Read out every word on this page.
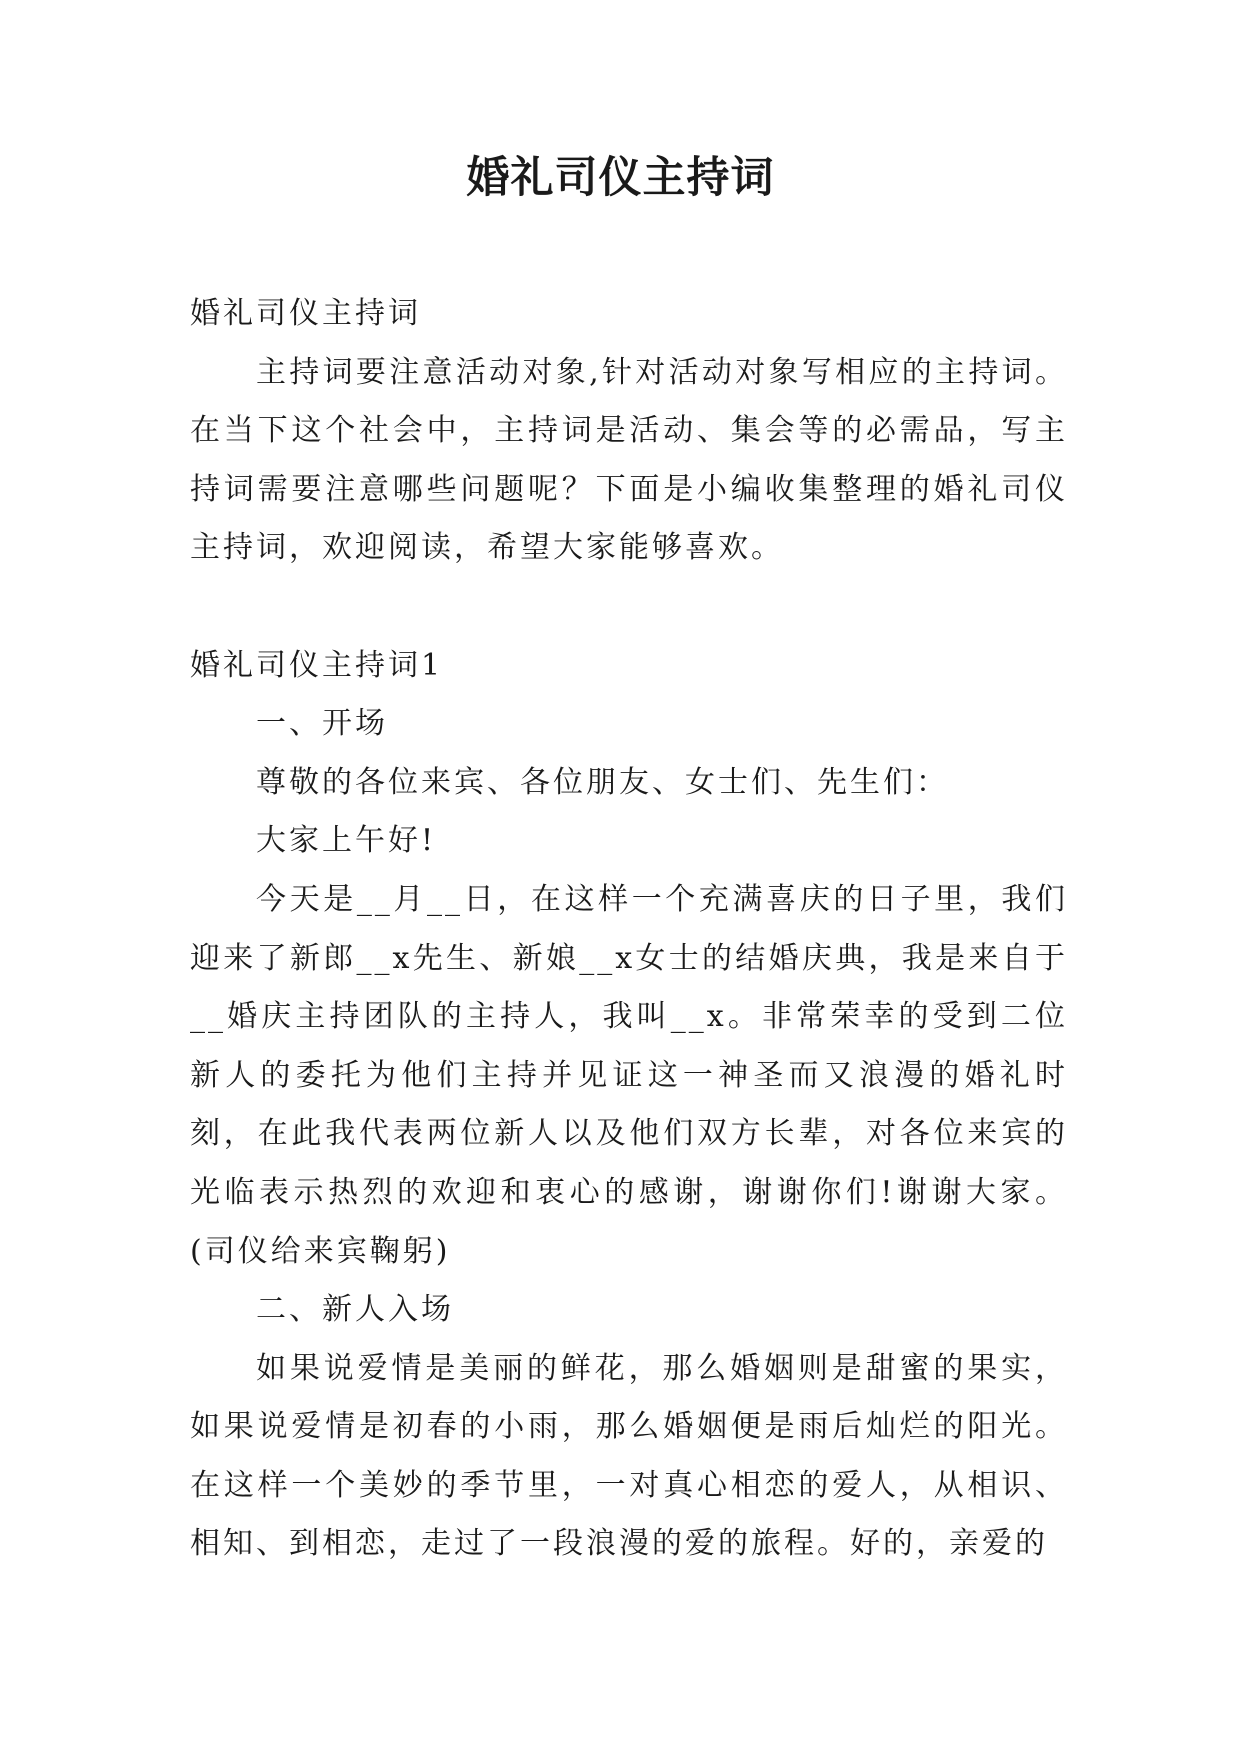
婚礼司仪主持词

婚礼司仪主持词

主持词要注意活动对象,针对活动对象写相应的主持词。在当下这个社会中，主持词是活动、集会等的必需品，写主持词需要注意哪些问题呢？下面是小编收集整理的婚礼司仪主持词，欢迎阅读，希望大家能够喜欢。

婚礼司仪主持词1

一、开场

尊敬的各位来宾、各位朋友、女士们、先生们：

大家上午好!

今天是__月__日，在这样一个充满喜庆的日子里，我们迎来了新郎__x先生、新娘__x女士的结婚庆典，我是来自于__婚庆主持团队的主持人，我叫__x。非常荣幸的受到二位新人的委托为他们主持并见证这一神圣而又浪漫的婚礼时刻，在此我代表两位新人以及他们双方长辈，对各位来宾的光临表示热烈的欢迎和衷心的感谢，谢谢你们!谢谢大家。(司仪给来宾鞠躬)

二、新人入场

如果说爱情是美丽的鲜花，那么婚姻则是甜蜜的果实，如果说爱情是初春的小雨，那么婚姻便是雨后灿烂的阳光。在这样一个美妙的季节里，一对真心相恋的爱人，从相识、相知、到相恋，走过了一段浪漫的爱的旅程。好的，亲爱的
